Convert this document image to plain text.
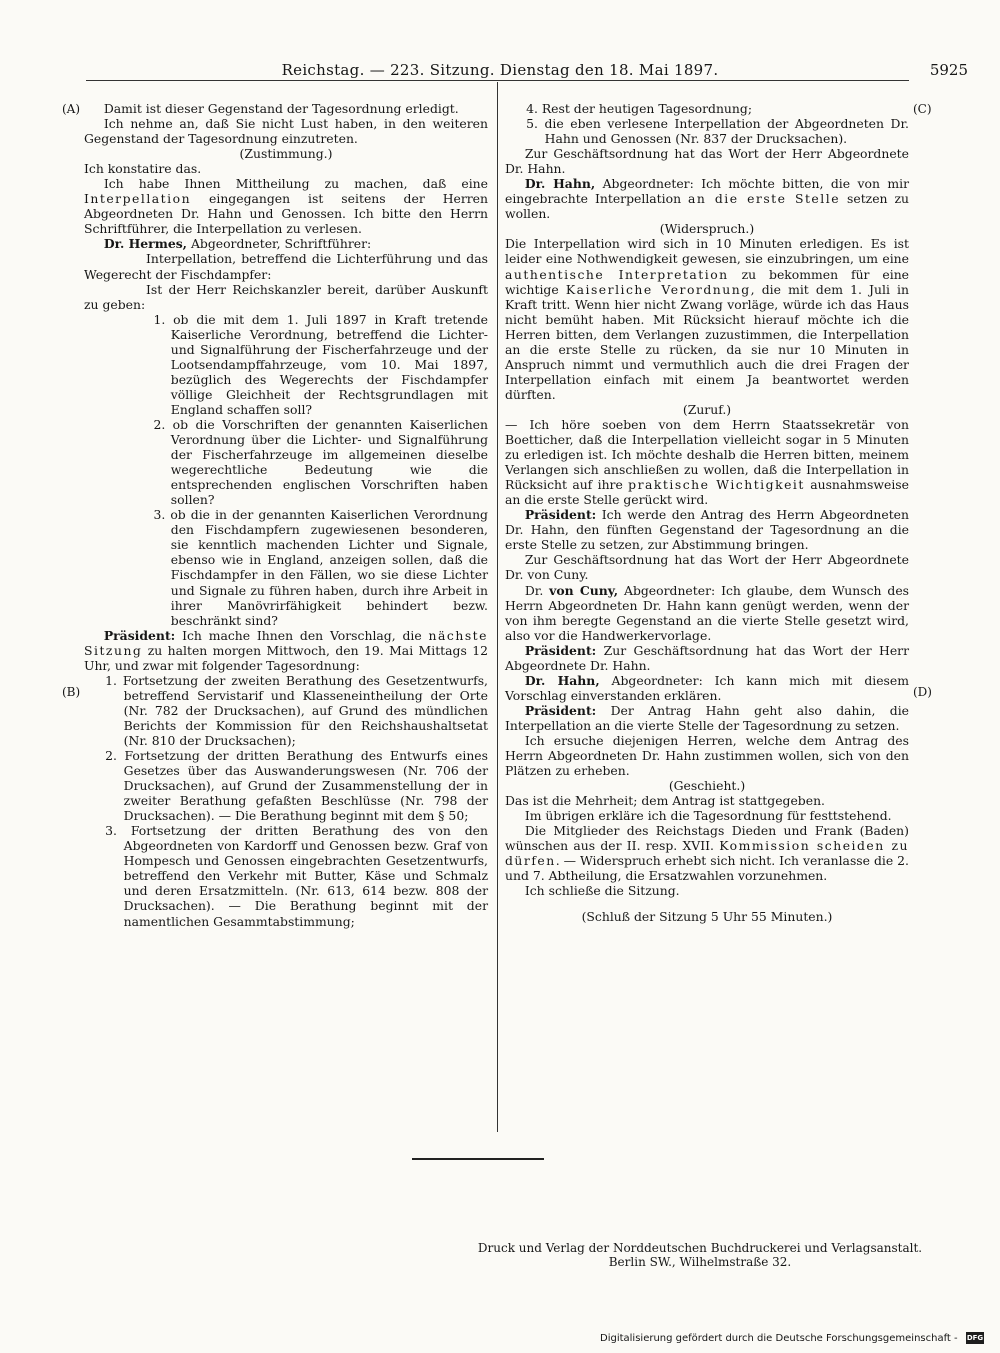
Reichstag. — 223. Sitzung. Dienstag den 18. Mai 1897.	5925
(A)
(B)
(C)
(D)

Damit ist dieser Gegenstand der Tagesordnung erledigt.

Ich nehme an, daß Sie nicht Lust haben, in den weiteren Gegenstand der Tagesordnung einzutreten.

(Zustimmung.)

Ich konstatire das.

Ich habe Ihnen Mittheilung zu machen, daß eine Interpellation eingegangen ist seitens der Herren Abgeordneten Dr. Hahn und Genossen. Ich bitte den Herrn Schriftführer, die Interpellation zu verlesen.

Dr. Hermes, Abgeordneter, Schriftführer:

Interpellation, betreffend die Lichterführung und das Wegerecht der Fischdampfer:

Ist der Herr Reichskanzler bereit, darüber Auskunft zu geben:

1. ob die mit dem 1. Juli 1897 in Kraft tretende Kaiserliche Verordnung, betreffend die Lichter- und Signalführung der Fischerfahrzeuge und der Lootsendampffahrzeuge, vom 10. Mai 1897, bezüglich des Wegerechts der Fischdampfer völlige Gleichheit der Rechtsgrundlagen mit England schaffen soll?

2. ob die Vorschriften der genannten Kaiserlichen Verordnung über die Lichter- und Signalführung der Fischerfahrzeuge im allgemeinen dieselbe wegerechtliche Bedeutung wie die entsprechenden englischen Vorschriften haben sollen?

3. ob die in der genannten Kaiserlichen Verordnung den Fischdampfern zugewiesenen besonderen, sie kenntlich machenden Lichter und Signale, ebenso wie in England, anzeigen sollen, daß die Fischdampfer in den Fällen, wo sie diese Lichter und Signale zu führen haben, durch ihre Arbeit in ihrer Manövrirfähigkeit behindert bezw. beschränkt sind?

Präsident: Ich mache Ihnen den Vorschlag, die nächste Sitzung zu halten morgen Mittwoch, den 19. Mai Mittags 12 Uhr, und zwar mit folgender Tagesordnung:

1. Fortsetzung der zweiten Berathung des Gesetzentwurfs, betreffend Servistarif und Klasseneintheilung der Orte (Nr. 782 der Drucksachen), auf Grund des mündlichen Berichts der Kommission für den Reichshaushaltsetat (Nr. 810 der Drucksachen);

2. Fortsetzung der dritten Berathung des Entwurfs eines Gesetzes über das Auswanderungswesen (Nr. 706 der Drucksachen), auf Grund der Zusammenstellung der in zweiter Berathung gefaßten Beschlüsse (Nr. 798 der Drucksachen). — Die Berathung beginnt mit dem § 50;

3. Fortsetzung der dritten Berathung des von den Abgeordneten von Kardorff und Genossen bezw. Graf von Hompesch und Genossen eingebrachten Gesetzentwurfs, betreffend den Verkehr mit Butter, Käse und Schmalz und deren Ersatzmitteln. (Nr. 613, 614 bezw. 808 der Drucksachen). — Die Berathung beginnt mit der namentlichen Gesammtabstimmung;

4. Rest der heutigen Tagesordnung;

5. die eben verlesene Interpellation der Abgeordneten Dr. Hahn und Genossen (Nr. 837 der Drucksachen).

Zur Geschäftsordnung hat das Wort der Herr Abgeordnete Dr. Hahn.

Dr. Hahn, Abgeordneter: Ich möchte bitten, die von mir eingebrachte Interpellation an die erste Stelle setzen zu wollen.

(Widerspruch.)

Die Interpellation wird sich in 10 Minuten erledigen. Es ist leider eine Nothwendigkeit gewesen, sie einzubringen, um eine authentische Interpretation zu bekommen für eine wichtige Kaiserliche Verordnung, die mit dem 1. Juli in Kraft tritt. Wenn hier nicht Zwang vorläge, würde ich das Haus nicht bemüht haben. Mit Rücksicht hierauf möchte ich die Herren bitten, dem Verlangen zuzustimmen, die Interpellation an die erste Stelle zu rücken, da sie nur 10 Minuten in Anspruch nimmt und vermuthlich auch die drei Fragen der Interpellation einfach mit einem Ja beantwortet werden dürften.

(Zuruf.)

— Ich höre soeben von dem Herrn Staatssekretär von Boetticher, daß die Interpellation vielleicht sogar in 5 Minuten zu erledigen ist. Ich möchte deshalb die Herren bitten, meinem Verlangen sich anschließen zu wollen, daß die Interpellation in Rücksicht auf ihre praktische Wichtigkeit ausnahmsweise an die erste Stelle gerückt wird.

Präsident: Ich werde den Antrag des Herrn Abgeordneten Dr. Hahn, den fünften Gegenstand der Tagesordnung an die erste Stelle zu setzen, zur Abstimmung bringen.

Zur Geschäftsordnung hat das Wort der Herr Abgeordnete Dr. von Cuny.

Dr. von Cuny, Abgeordneter: Ich glaube, dem Wunsch des Herrn Abgeordneten Dr. Hahn kann genügt werden, wenn der von ihm beregte Gegenstand an die vierte Stelle gesetzt wird, also vor die Handwerkervorlage.

Präsident: Zur Geschäftsordnung hat das Wort der Herr Abgeordnete Dr. Hahn.

Dr. Hahn, Abgeordneter: Ich kann mich mit diesem Vorschlag einverstanden erklären.

Präsident: Der Antrag Hahn geht also dahin, die Interpellation an die vierte Stelle der Tagesordnung zu setzen.

Ich ersuche diejenigen Herren, welche dem Antrag des Herrn Abgeordneten Dr. Hahn zustimmen wollen, sich von den Plätzen zu erheben.

(Geschieht.)

Das ist die Mehrheit; dem Antrag ist stattgegeben.

Im übrigen erkläre ich die Tagesordnung für festtstehend.

Die Mitglieder des Reichstags Dieden und Frank (Baden) wünschen aus der II. resp. XVII. Kommission scheiden zu dürfen. — Widerspruch erhebt sich nicht. Ich veranlasse die 2. und 7. Abtheilung, die Ersatzwahlen vorzunehmen.

Ich schließe die Sitzung.

(Schluß der Sitzung 5 Uhr 55 Minuten.)

Druck und Verlag der Norddeutschen Buchdruckerei und Verlagsanstalt.
Berlin SW., Wilhelmstraße 32.
Digitalisierung gefördert durch die Deutsche Forschungsgemeinschaft - DFG
